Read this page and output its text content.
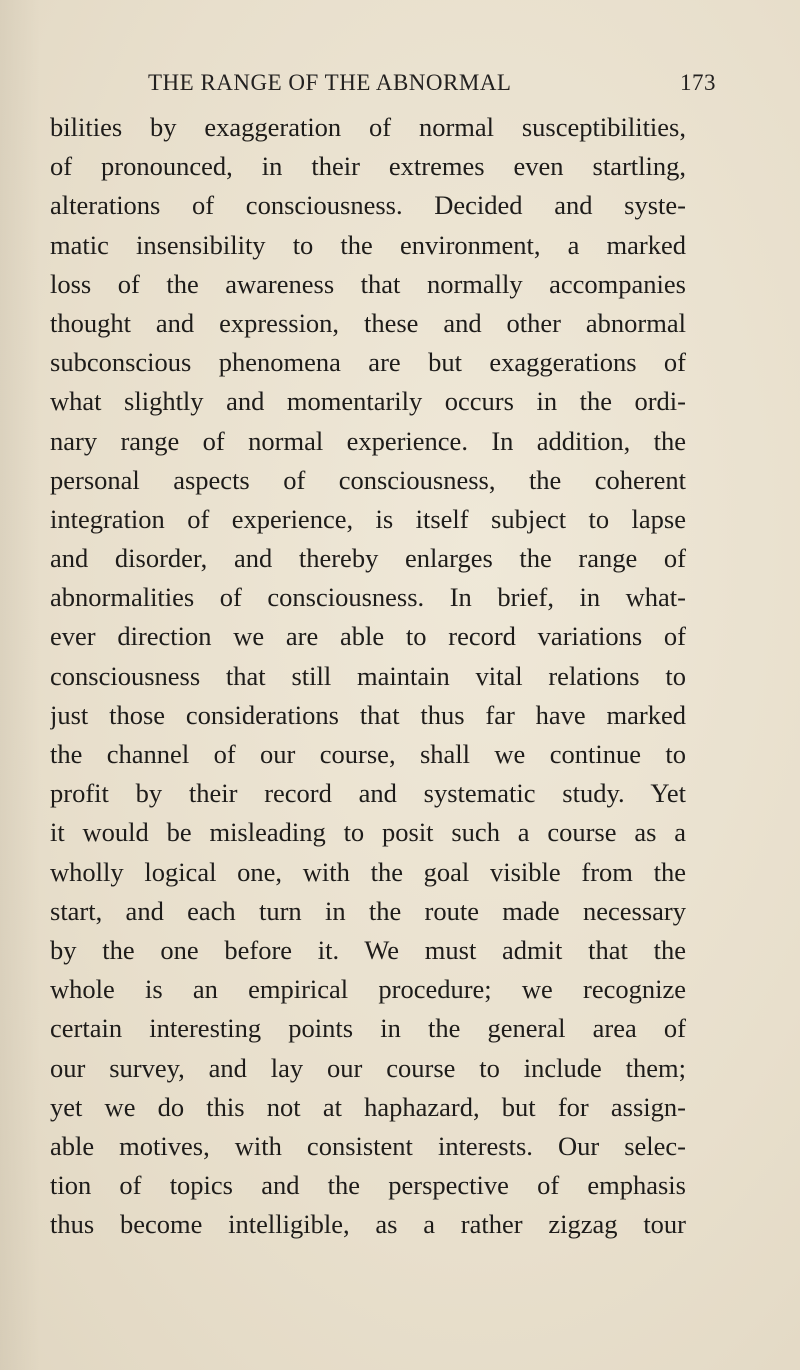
THE RANGE OF THE ABNORMAL	173
bilities by exaggeration of normal susceptibilities,
of pronounced, in their extremes even startling,
alterations of consciousness. Decided and syste-
matic insensibility to the environment, a marked
loss of the awareness that normally accompanies
thought and expression, these and other abnormal
subconscious phenomena are but exaggerations of
what slightly and momentarily occurs in the ordi-
nary range of normal experience. In addition, the
personal aspects of consciousness, the coherent
integration of experience, is itself subject to lapse
and disorder, and thereby enlarges the range of
abnormalities of consciousness. In brief, in what-
ever direction we are able to record variations of
consciousness that still maintain vital relations to
just those considerations that thus far have marked
the channel of our course, shall we continue to
profit by their record and systematic study. Yet
it would be misleading to posit such a course as a
wholly logical one, with the goal visible from the
start, and each turn in the route made necessary
by the one before it. We must admit that the
whole is an empirical procedure; we recognize
certain interesting points in the general area of
our survey, and lay our course to include them;
yet we do this not at haphazard, but for assign-
able motives, with consistent interests. Our selec-
tion of topics and the perspective of emphasis
thus become intelligible, as a rather zigzag tour
